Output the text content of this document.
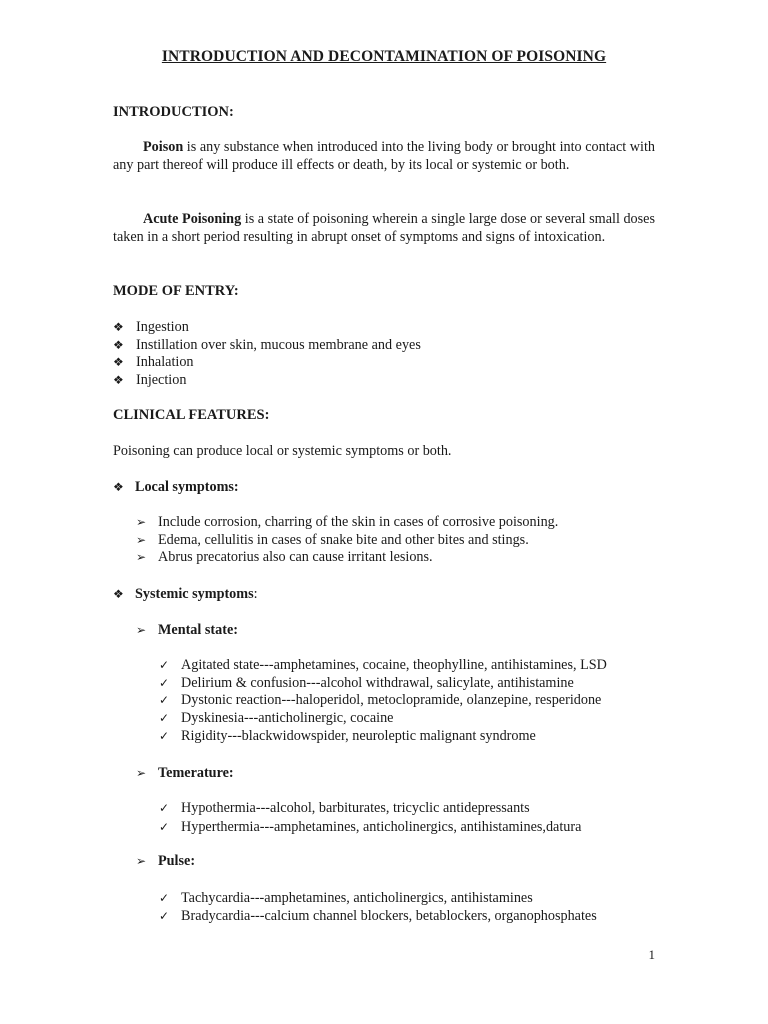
INTRODUCTION AND DECONTAMINATION OF POISONING
INTRODUCTION:

Poison is any substance when introduced into the living body or brought into contact with any part thereof will produce ill effects or death, by its local or systemic or both.

Acute Poisoning is a state of poisoning wherein a single large dose or several small doses taken in a short period resulting in abrupt onset of symptoms and signs of intoxication.

MODE OF ENTRY:
❖ Ingestion
❖ Instillation over skin, mucous membrane and eyes
❖ Inhalation
❖ Injection
CLINICAL FEATURES:

Poisoning can produce local or systemic symptoms or both.

❖ Local symptoms:
➢ Include corrosion, charring of the skin in cases of corrosive poisoning.
➢ Edema, cellulitis in cases of snake bite and other bites and stings.
➢ Abrus precatorius also can cause irritant lesions.
❖ Systemic symptoms:
➢ Mental state:
✓ Agitated state---amphetamines, cocaine, theophylline, antihistamines, LSD
✓ Delirium & confusion---alcohol withdrawal, salicylate, antihistamine
✓ Dystonic reaction---haloperidol, metoclopramide, olanzepine, resperidone
✓ Dyskinesia---anticholinergic, cocaine
✓ Rigidity---blackwidowspider, neuroleptic malignant syndrome
➢ Temerature:
✓ Hypothermia---alcohol, barbiturates, tricyclic antidepressants
✓ Hyperthermia---amphetamines, anticholinergics, antihistamines,datura
➢ Pulse:
✓ Tachycardia---amphetamines, anticholinergics, antihistamines
✓ Bradycardia---calcium channel blockers, betablockers, organophosphates
1
